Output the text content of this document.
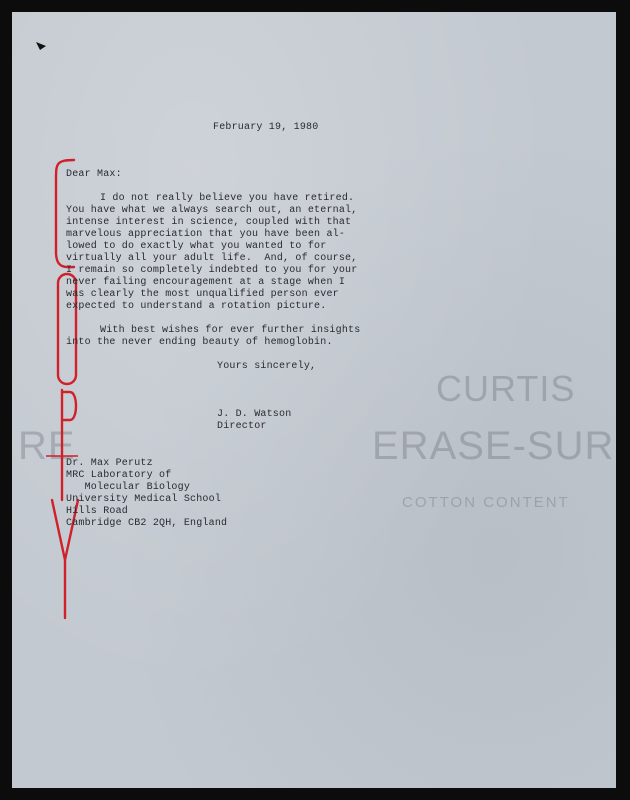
CURTIS
ERASE-SUR
RE
COTTON CONTENT
February 19, 1980
Dear Max:
I do not really believe you have retired.
You have what we always search out, an eternal,
intense interest in science, coupled with that
marvelous appreciation that you have been al-
lowed to do exactly what you wanted to for
virtually all your adult life.  And, of course,
I remain so completely indebted to you for your
never failing encouragement at a stage when I
was clearly the most unqualified person ever
expected to understand a rotation picture.
With best wishes for ever further insights
into the never ending beauty of hemoglobin.
Yours sincerely,
J. D. Watson
Director
Dr. Max Perutz
MRC Laboratory of
Molecular Biology
University Medical School
Hills Road
Cambridge CB2 2QH, England
